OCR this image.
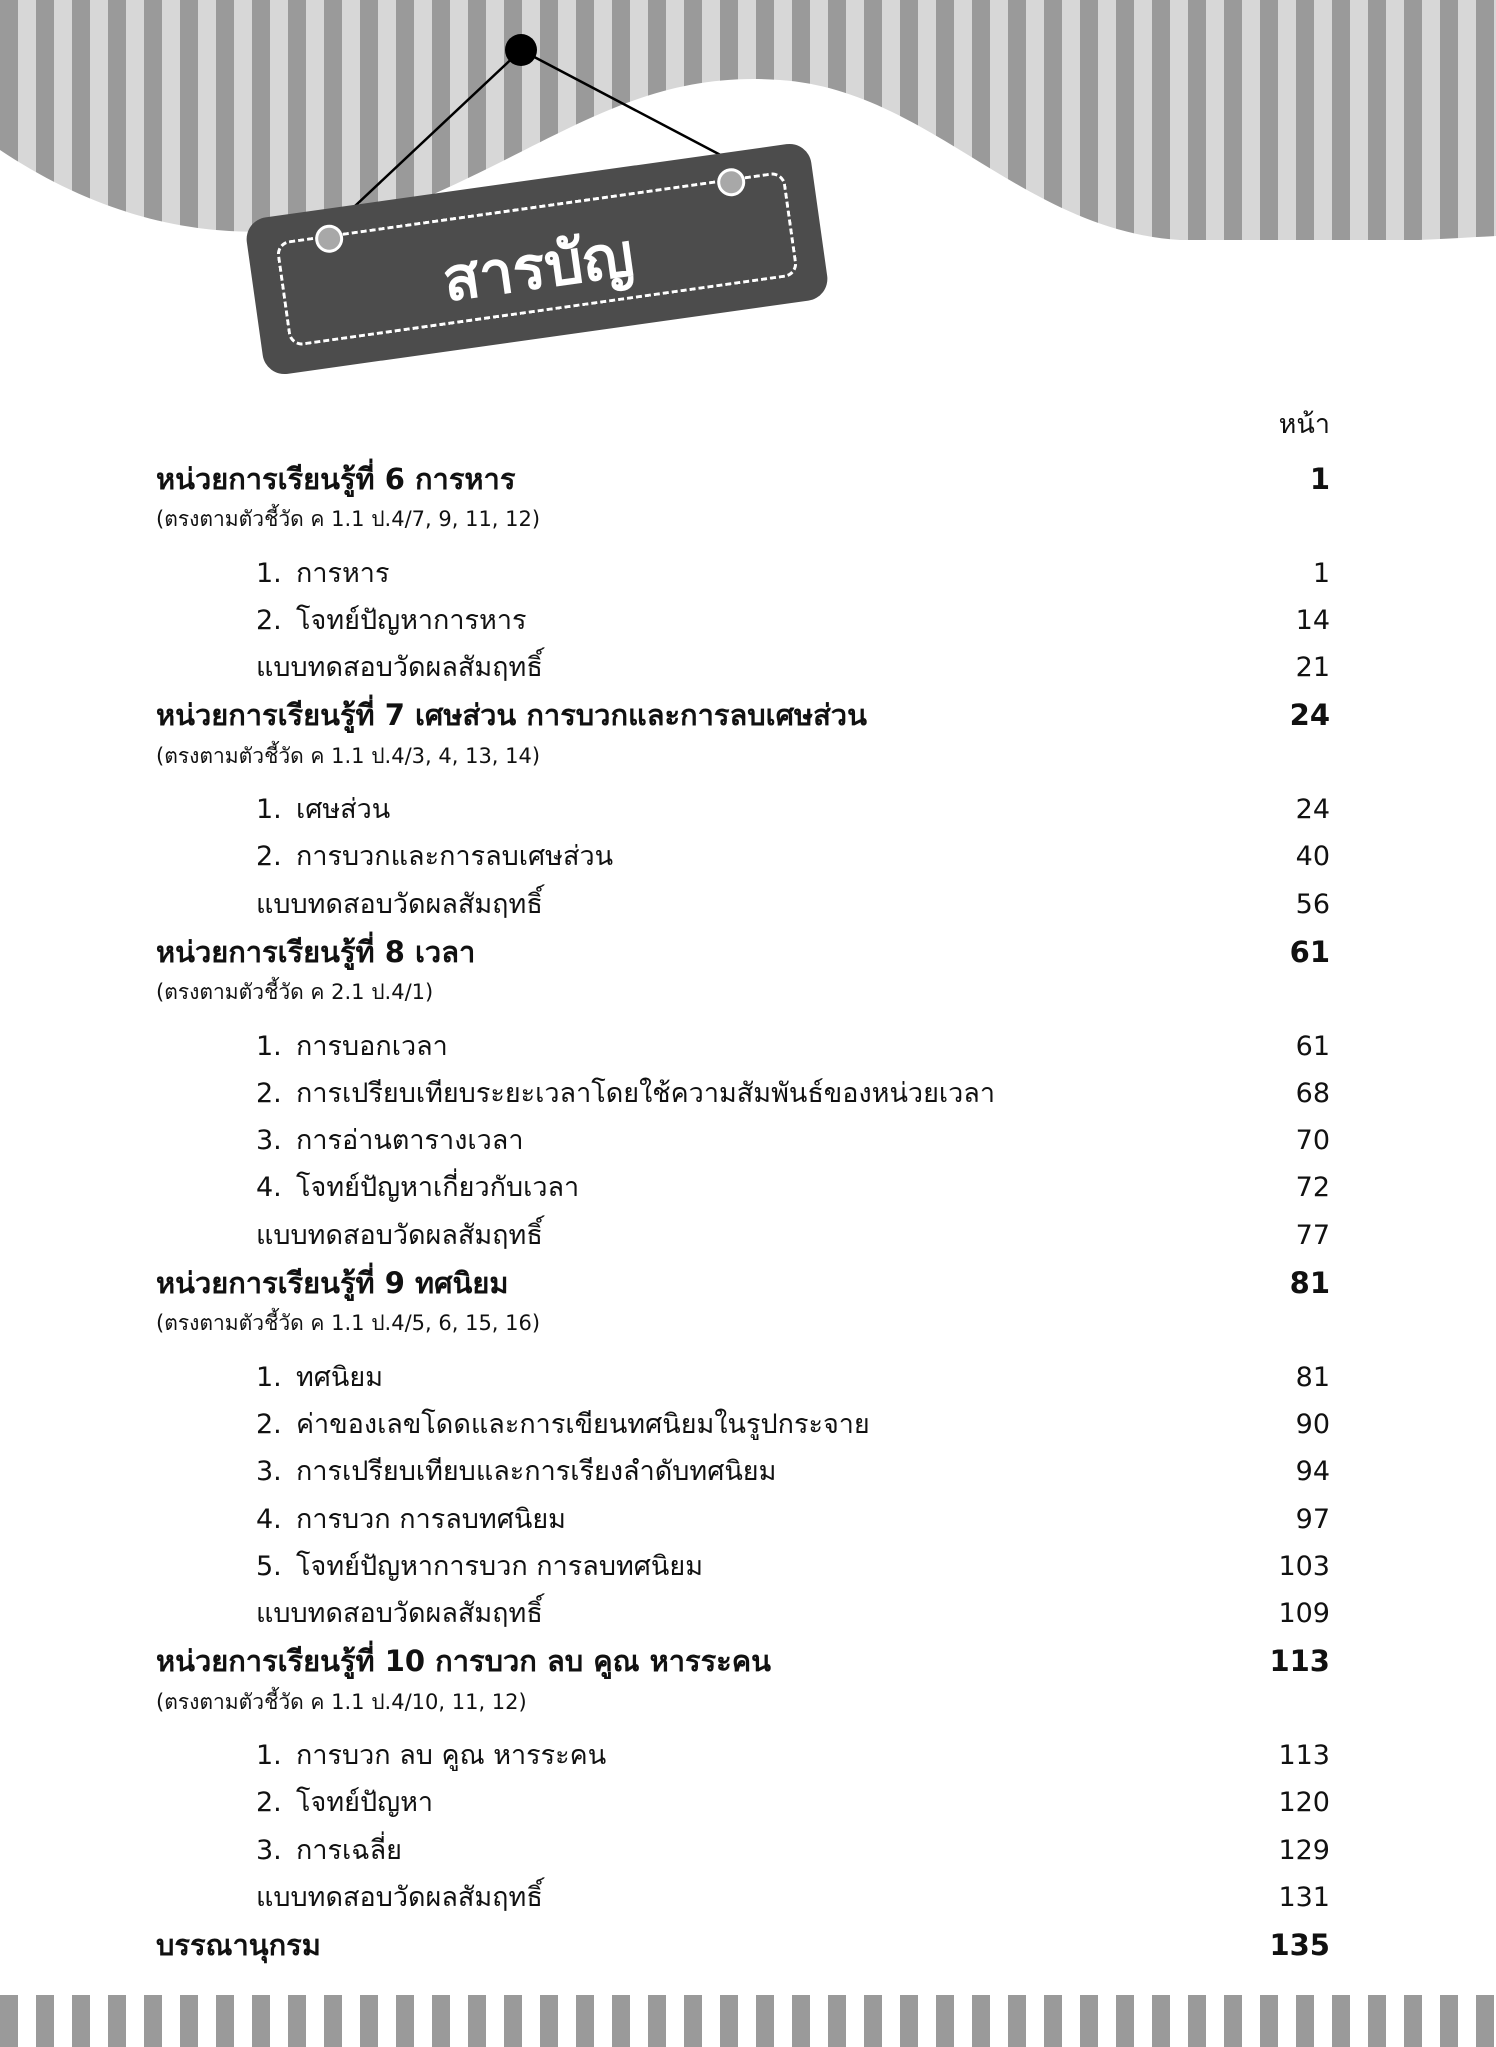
สารบัญ
หน้า
หน่วยการเรียนรู้ที่ 6 การหาร	1
(ตรงตามตัวชี้วัด ค 1.1 ป.4/7, 9, 11, 12)
1. การหาร	1
2. โจทย์ปัญหาการหาร	14
แบบทดสอบวัดผลสัมฤทธิ์	21
หน่วยการเรียนรู้ที่ 7 เศษส่วน การบวกและการลบเศษส่วน	24
(ตรงตามตัวชี้วัด ค 1.1 ป.4/3, 4, 13, 14)
1. เศษส่วน	24
2. การบวกและการลบเศษส่วน	40
แบบทดสอบวัดผลสัมฤทธิ์	56
หน่วยการเรียนรู้ที่ 8 เวลา	61
(ตรงตามตัวชี้วัด ค 2.1 ป.4/1)
1. การบอกเวลา	61
2. การเปรียบเทียบระยะเวลาโดยใช้ความสัมพันธ์ของหน่วยเวลา	68
3. การอ่านตารางเวลา	70
4. โจทย์ปัญหาเกี่ยวกับเวลา	72
แบบทดสอบวัดผลสัมฤทธิ์	77
หน่วยการเรียนรู้ที่ 9 ทศนิยม	81
(ตรงตามตัวชี้วัด ค 1.1 ป.4/5, 6, 15, 16)
1. ทศนิยม	81
2. ค่าของเลขโดดและการเขียนทศนิยมในรูปกระจาย	90
3. การเปรียบเทียบและการเรียงลำดับทศนิยม	94
4. การบวก การลบทศนิยม	97
5. โจทย์ปัญหาการบวก การลบทศนิยม	103
แบบทดสอบวัดผลสัมฤทธิ์	109
หน่วยการเรียนรู้ที่ 10 การบวก ลบ คูณ หารระคน	113
(ตรงตามตัวชี้วัด ค 1.1 ป.4/10, 11, 12)
1. การบวก ลบ คูณ หารระคน	113
2. โจทย์ปัญหา	120
3. การเฉลี่ย	129
แบบทดสอบวัดผลสัมฤทธิ์	131
บรรณานุกรม	135
